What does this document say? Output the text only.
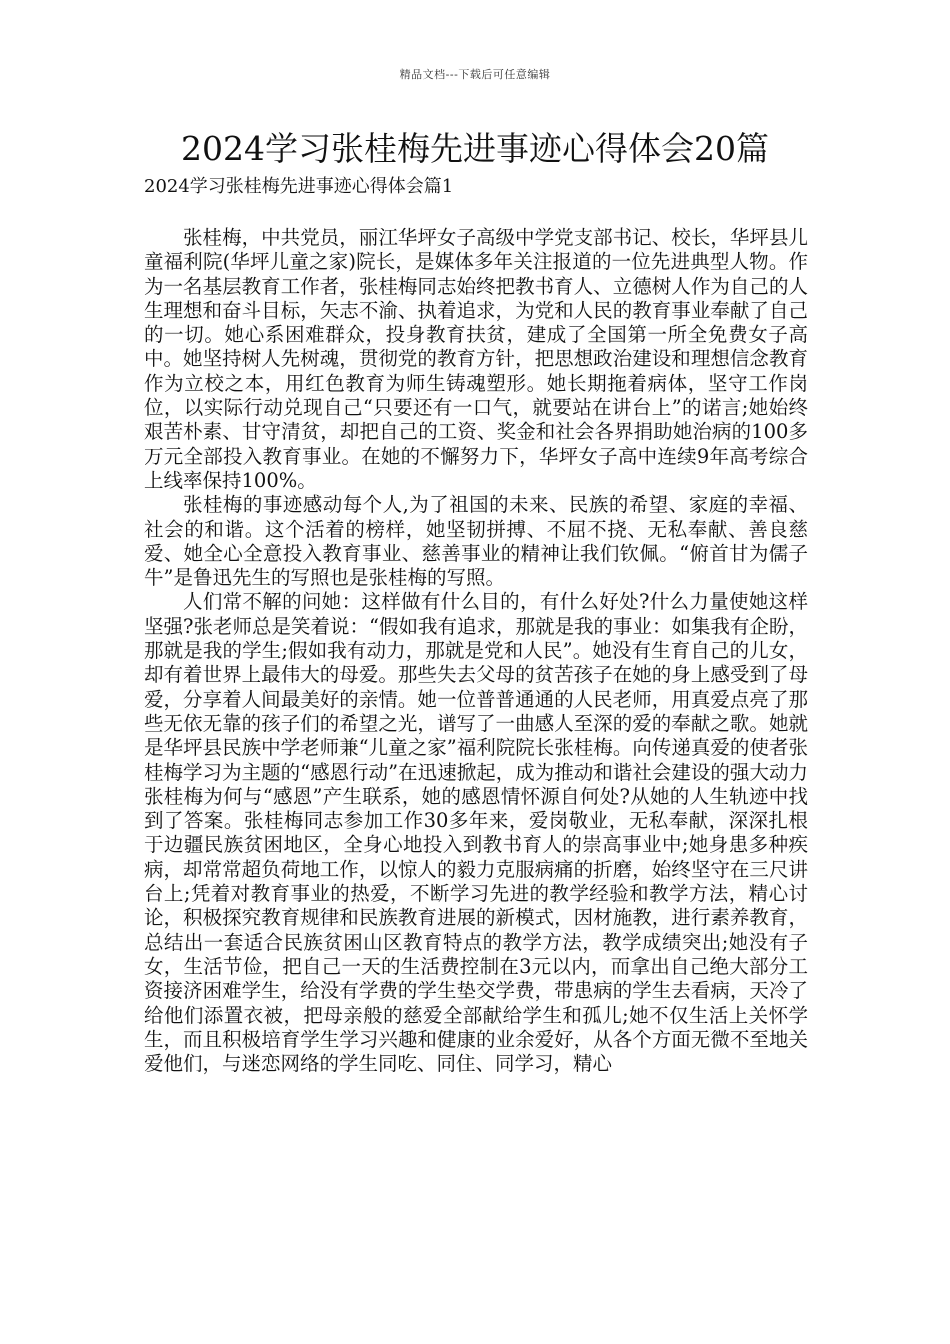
精品文档---下载后可任意编辑
2024学习张桂梅先进事迹心得体会20篇
2024学习张桂梅先进事迹心得体会篇1

张桂梅，中共党员，丽江华坪女子高级中学党支部书记、校长，华坪县儿童福利院(华坪儿童之家)院长，是媒体多年关注报道的一位先进典型人物。作为一名基层教育工作者，张桂梅同志始终把教书育人、立德树人作为自己的人生理想和奋斗目标，矢志不渝、执着追求，为党和人民的教育事业奉献了自己的一切。她心系困难群众，投身教育扶贫，建成了全国第一所全免费女子高中。她坚持树人先树魂，贯彻党的教育方针，把思想政治建设和理想信念教育作为立校之本，用红色教育为师生铸魂塑形。她长期拖着病体，坚守工作岗位，以实际行动兑现自己“只要还有一口气，就要站在讲台上”的诺言;她始终艰苦朴素、甘守清贫，却把自己的工资、奖金和社会各界捐助她治病的100多万元全部投入教育事业。在她的不懈努力下，华坪女子高中连续9年高考综合上线率保持100%。

张桂梅的事迹感动每个人,为了祖国的未来、民族的希望、家庭的幸福、社会的和谐。这个活着的榜样，她坚韧拼搏、不屈不挠、无私奉献、善良慈爱、她全心全意投入教育事业、慈善事业的精神让我们钦佩。“俯首甘为儒子牛”是鲁迅先生的写照也是张桂梅的写照。

人们常不解的问她：这样做有什么目的，有什么好处?什么力量使她这样坚强?张老师总是笑着说：“假如我有追求，那就是我的事业：如集我有企盼，那就是我的学生;假如我有动力，那就是党和人民”。她没有生育自己的儿女，却有着世界上最伟大的母爱。那些失去父母的贫苦孩子在她的身上感受到了母爱，分享着人间最美好的亲情。她一位普普通通的人民老师，用真爱点亮了那些无依无靠的孩子们的希望之光，谱写了一曲感人至深的爱的奉献之歌。她就是华坪县民族中学老师兼“儿童之家”福利院院长张桂梅。向传递真爱的使者张桂梅学习为主题的“感恩行动”在迅速掀起，成为推动和谐社会建设的强大动力张桂梅为何与“感恩”产生联系，她的感恩情怀源自何处?从她的人生轨迹中找到了答案。张桂梅同志参加工作30多年来，爱岗敬业，无私奉献，深深扎根于边疆民族贫困地区，全身心地投入到教书育人的崇高事业中;她身患多种疾病，却常常超负荷地工作，以惊人的毅力克服病痛的折磨，始终坚守在三尺讲台上;凭着对教育事业的热爱，不断学习先进的教学经验和教学方法，精心讨论，积极探究教育规律和民族教育进展的新模式，因材施教，进行素养教育，总结出一套适合民族贫困山区教育特点的教学方法，教学成绩突出;她没有子女，生活节俭，把自己一天的生活费控制在3元以内，而拿出自己绝大部分工资接济困难学生，给没有学费的学生垫交学费，带患病的学生去看病，天冷了给他们添置衣被，把母亲般的慈爱全部献给学生和孤儿;她不仅生活上关怀学生，而且积极培育学生学习兴趣和健康的业余爱好，从各个方面无微不至地关爱他们，与迷恋网络的学生同吃、同住、同学习，精心
